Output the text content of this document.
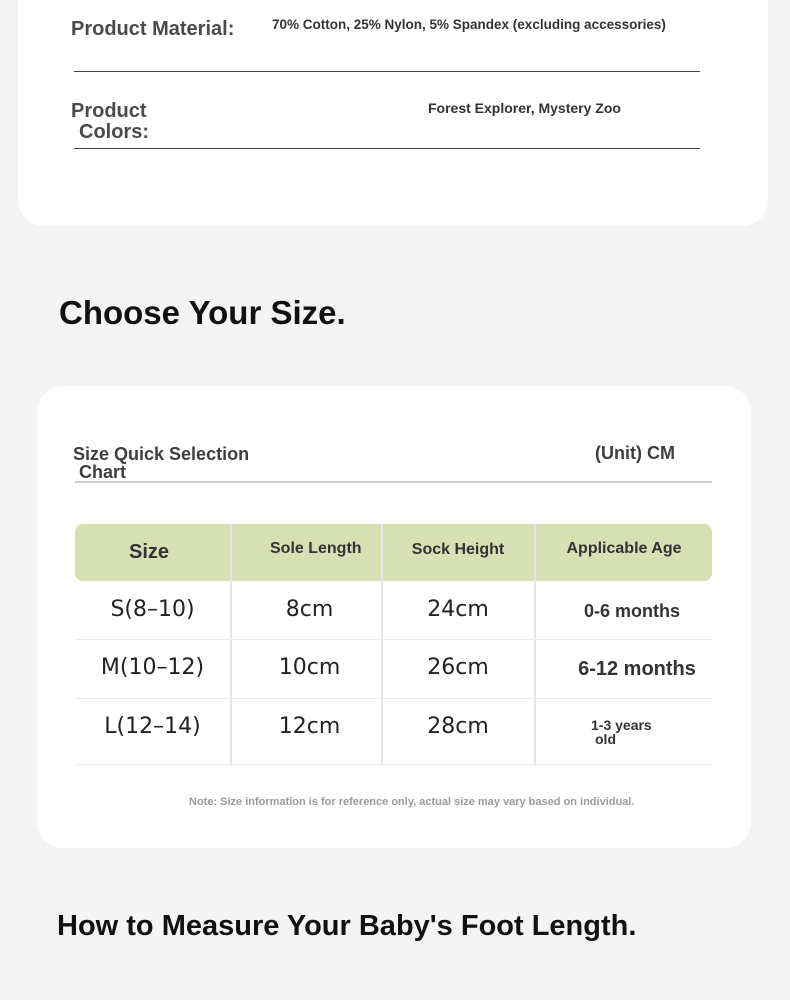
Product Material:	70% Cotton, 25% Nylon, 5% Spandex (excluding accessories)
Product
Colors:
Forest Explorer, Mystery Zoo
Choose Your Size.
Size Quick Selection
Chart
(Unit) CM
Size	Sole Length	Sock Height	Applicable Age
S(8–10)	8cm	24cm	0-6 months
M(10–12)	10cm	26cm	6-12 months
L(12–14)	12cm	28cm	1-3 years
old
Note: Size information is for reference only, actual size may vary based on individual.
How to Measure Your Baby's Foot Length.
